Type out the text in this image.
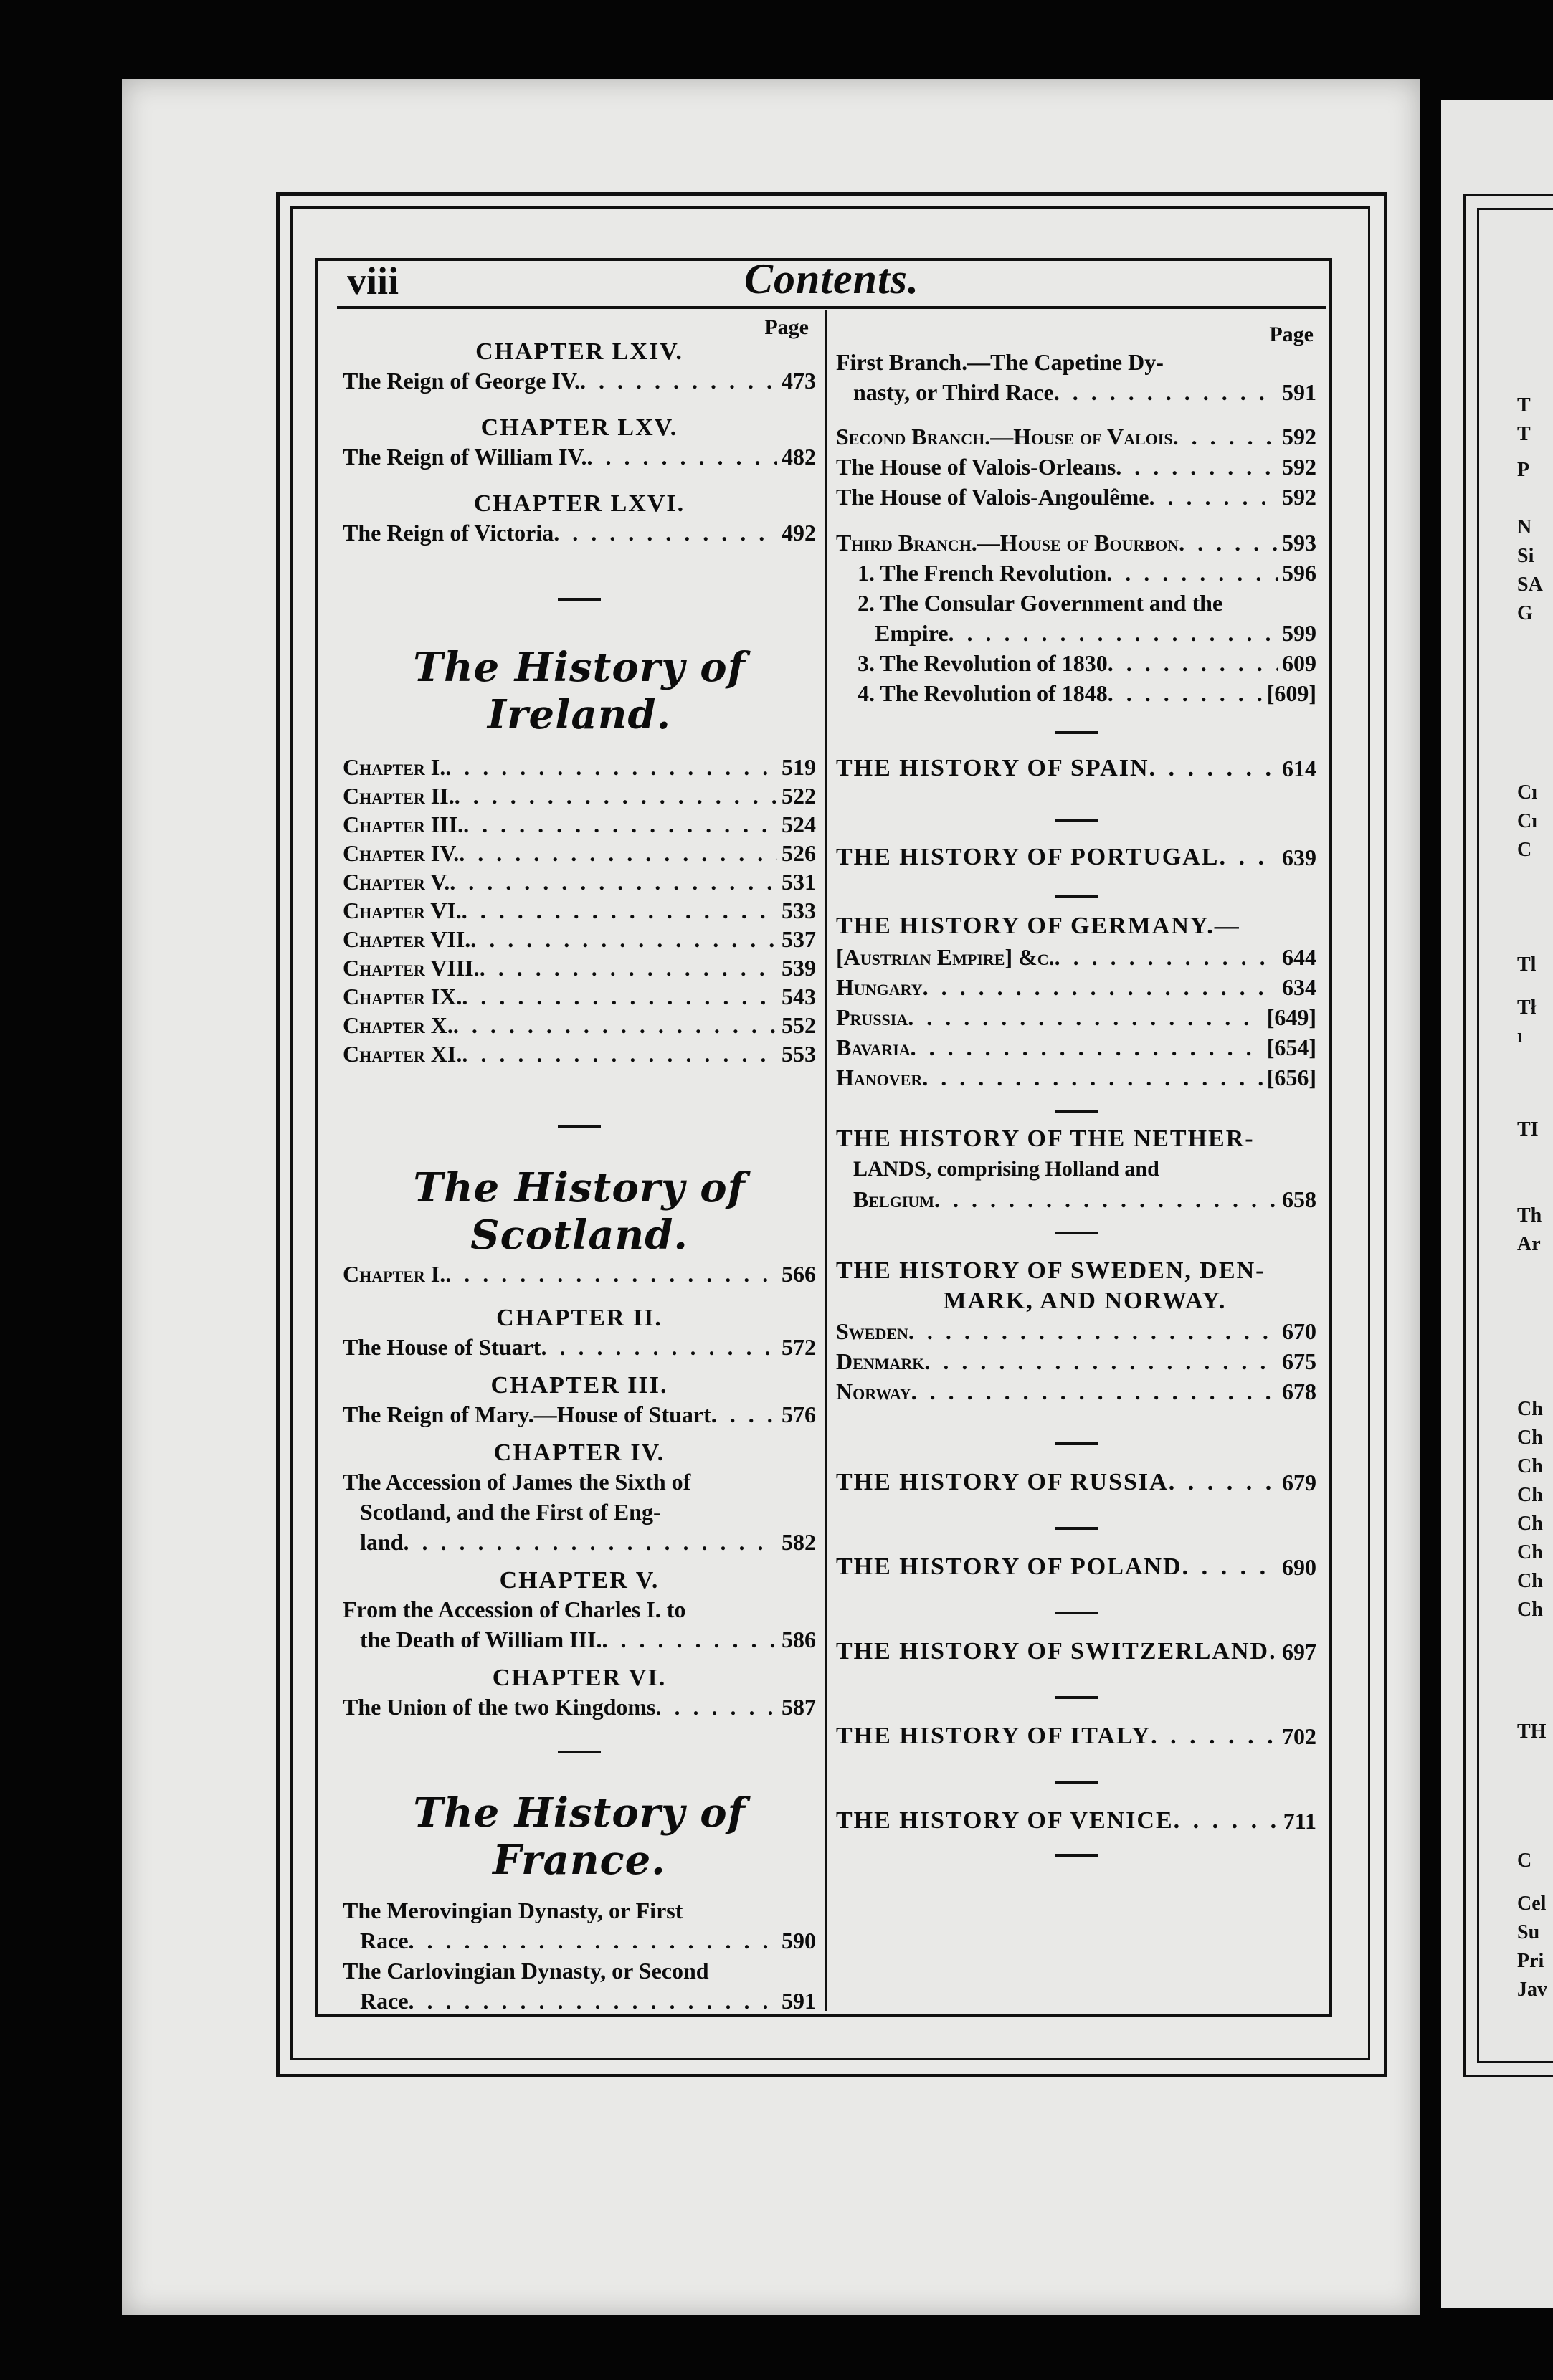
T
T
P
N
Si
SA
G
Cı
Cı
C
Tl
Tł
ı
TI
Th
Ar
Ch
Ch
Ch
Ch
Ch
Ch
Ch
Ch
TH
C
Cel
Su
Pri
Jav
viii	Contents.
Page
CHAPTER LXIV.
The Reign of George IV. . . .	473
CHAPTER LXV.
The Reign of William IV. . . .	482
CHAPTER LXVI.
The Reign of Victoria . . .	492
The History of Ireland.
Chapter I. . . .	519
Chapter II. . . .	522
Chapter III. . . .	524
Chapter IV. . . .	526
Chapter V. . . .	531
Chapter VI. . . .	533
Chapter VII. . . .	537
Chapter VIII. . . .	539
Chapter IX. . . .	543
Chapter X. . . .	552
Chapter XI. . . .	553
The History of Scotland.
Chapter I. . . .	566
CHAPTER II.
The House of Stuart . . .	572
CHAPTER III.
The Reign of Mary.—House of Stuart . . .	576
CHAPTER IV.
The Accession of James the Sixth of
Scotland, and the First of Eng-
land . . .	582
CHAPTER V.
From the Accession of Charles I. to
the Death of William III. . . .	586
CHAPTER VI.
The Union of the two Kingdoms . . .	587
The History of France.
The Merovingian Dynasty, or First
Race . . .	590
The Carlovingian Dynasty, or Second
Race . . .	591
Page
First Branch.—The Capetine Dy-
nasty, or Third Race . . .	591
Second Branch.—House of Valois . . .	592
The House of Valois-Orleans . . .	592
The House of Valois-Angoulême . . .	592
Third Branch.—House of Bourbon . . .	593
1. The French Revolution . . .	596
2. The Consular Government and the
Empire . . .	599
3. The Revolution of 1830 . . .	609
4. The Revolution of 1848 . . .	[609]
THE HISTORY OF SPAIN . . .	614
THE HISTORY OF PORTUGAL . . .	639
THE HISTORY OF GERMANY.—
[Austrian Empire] &c. . . .	644
Hungary . . .	634
Prussia . . .	[649]
Bavaria . . .	[654]
Hanover . . .	[656]
THE HISTORY OF THE NETHER-
LANDS, comprising Holland and
Belgium . . .	658
THE HISTORY OF SWEDEN, DEN-
MARK, AND NORWAY.
Sweden . . .	670
Denmark . . .	675
Norway . . .	678
THE HISTORY OF RUSSIA . . .	679
THE HISTORY OF POLAND . . .	690
THE HISTORY OF SWITZERLAND . . . 697
THE HISTORY OF ITALY . . .	702
THE HISTORY OF VENICE . . .	711
